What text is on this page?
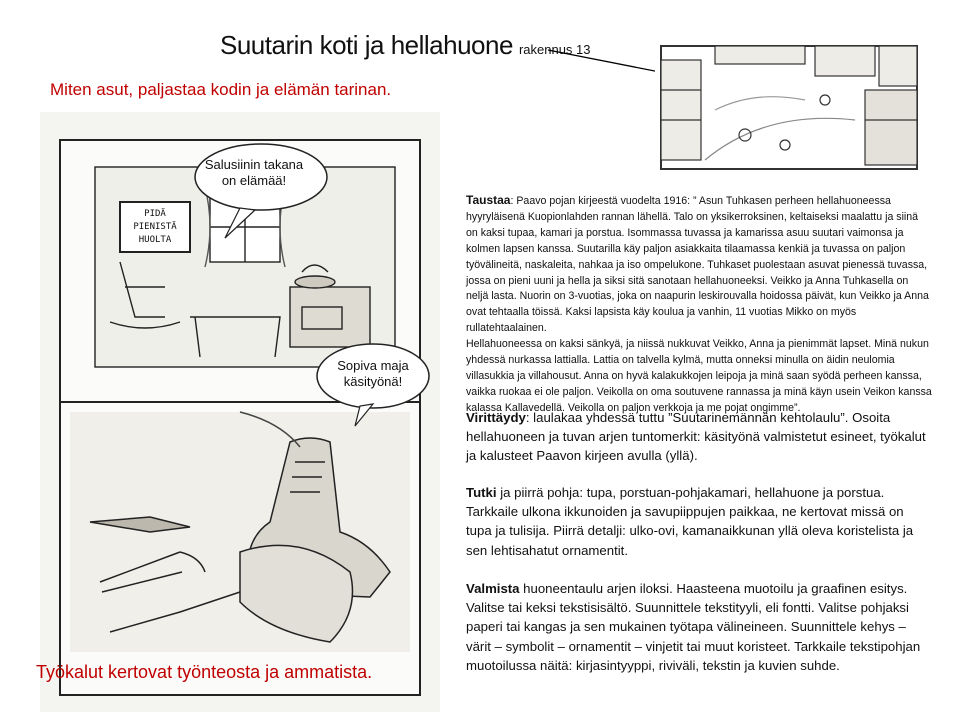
Suutarin koti ja hellahuone rakennus 13
Miten asut, paljastaa kodin ja elämän tarinan.
PIDÄ
PIENISTÄ
HUOLTA
Salusiinin takana
on elämää!
Sopiva maja
käsityönä!
Työkalut kertovat työnteosta ja ammatista.

Taustaa: Paavo pojan kirjeestä vuodelta 1916: ” Asun Tuhkasen perheen hellahuoneessa hyyryläisenä Kuopionlahden rannan lähellä. Talo on yksikerroksinen, keltaiseksi maalattu ja siinä on kaksi tupaa, kamari ja porstua. Isommassa tuvassa ja kamarissa asuu suutari vaimonsa ja kolmen lapsen kanssa. Suutarilla käy paljon asiakkaita tilaamassa kenkiä ja tuvassa on paljon työvälineitä, naskaleita, nahkaa ja iso ompelukone. Tuhkaset puolestaan asuvat pienessä tuvassa, jossa on pieni uuni ja hella ja siksi sitä sanotaan hellahuoneeksi. Veikko ja Anna Tuhkasella on neljä lasta. Nuorin on 3-vuotias, joka on naapurin leskirouvalla hoidossa päivät, kun Veikko ja Anna ovat tehtaalla töissä. Kaksi lapsista käy koulua ja vanhin, 11 vuotias Mikko on myös rullatehtaalainen.

Hellahuoneessa on kaksi sänkyä, ja niissä nukkuvat Veikko, Anna ja pienimmät lapset. Minä nukun yhdessä nurkassa lattialla. Lattia on talvella kylmä, mutta onneksi minulla on äidin neulomia villasukkia ja villahousut. Anna on hyvä kalakukkojen leipoja ja minä saan syödä perheen kanssa, vaikka ruokaa ei ole paljon. Veikolla on oma soutuvene rannassa ja minä käyn usein Veikon kanssa kalassa Kallavedellä. Veikolla on paljon verkkoja ja me pojat ongimme”.

Virittäydy: laulakaa yhdessä tuttu ”Suutarinemännän kehtolaulu”. Osoita hellahuoneen ja tuvan arjen tuntomerkit: käsityönä valmistetut esineet, työkalut ja kalusteet Paavon kirjeen avulla (yllä).

Tutki ja piirrä pohja: tupa, porstuan-pohjakamari, hellahuone ja porstua. Tarkkaile ulkona ikkunoiden ja savupiippujen paikkaa, ne kertovat missä on tupa ja tulisija. Piirrä detalji: ulko-ovi, kamanaikkunan yllä oleva koristelista ja sen lehtisahatut ornamentit.

Valmista huoneentaulu arjen iloksi. Haasteena muotoilu ja graafinen esitys. Valitse tai keksi tekstisisältö. Suunnittele tekstityyli, eli fontti. Valitse pohjaksi paperi tai kangas ja sen mukainen työtapa välineineen. Suunnittele kehys – värit – symbolit – ornamentit – vinjetit tai muut koristeet. Tarkkaile tekstipohjan muotoilussa näitä: kirjasintyyppi, riviväli, tekstin ja kuvien suhde.
